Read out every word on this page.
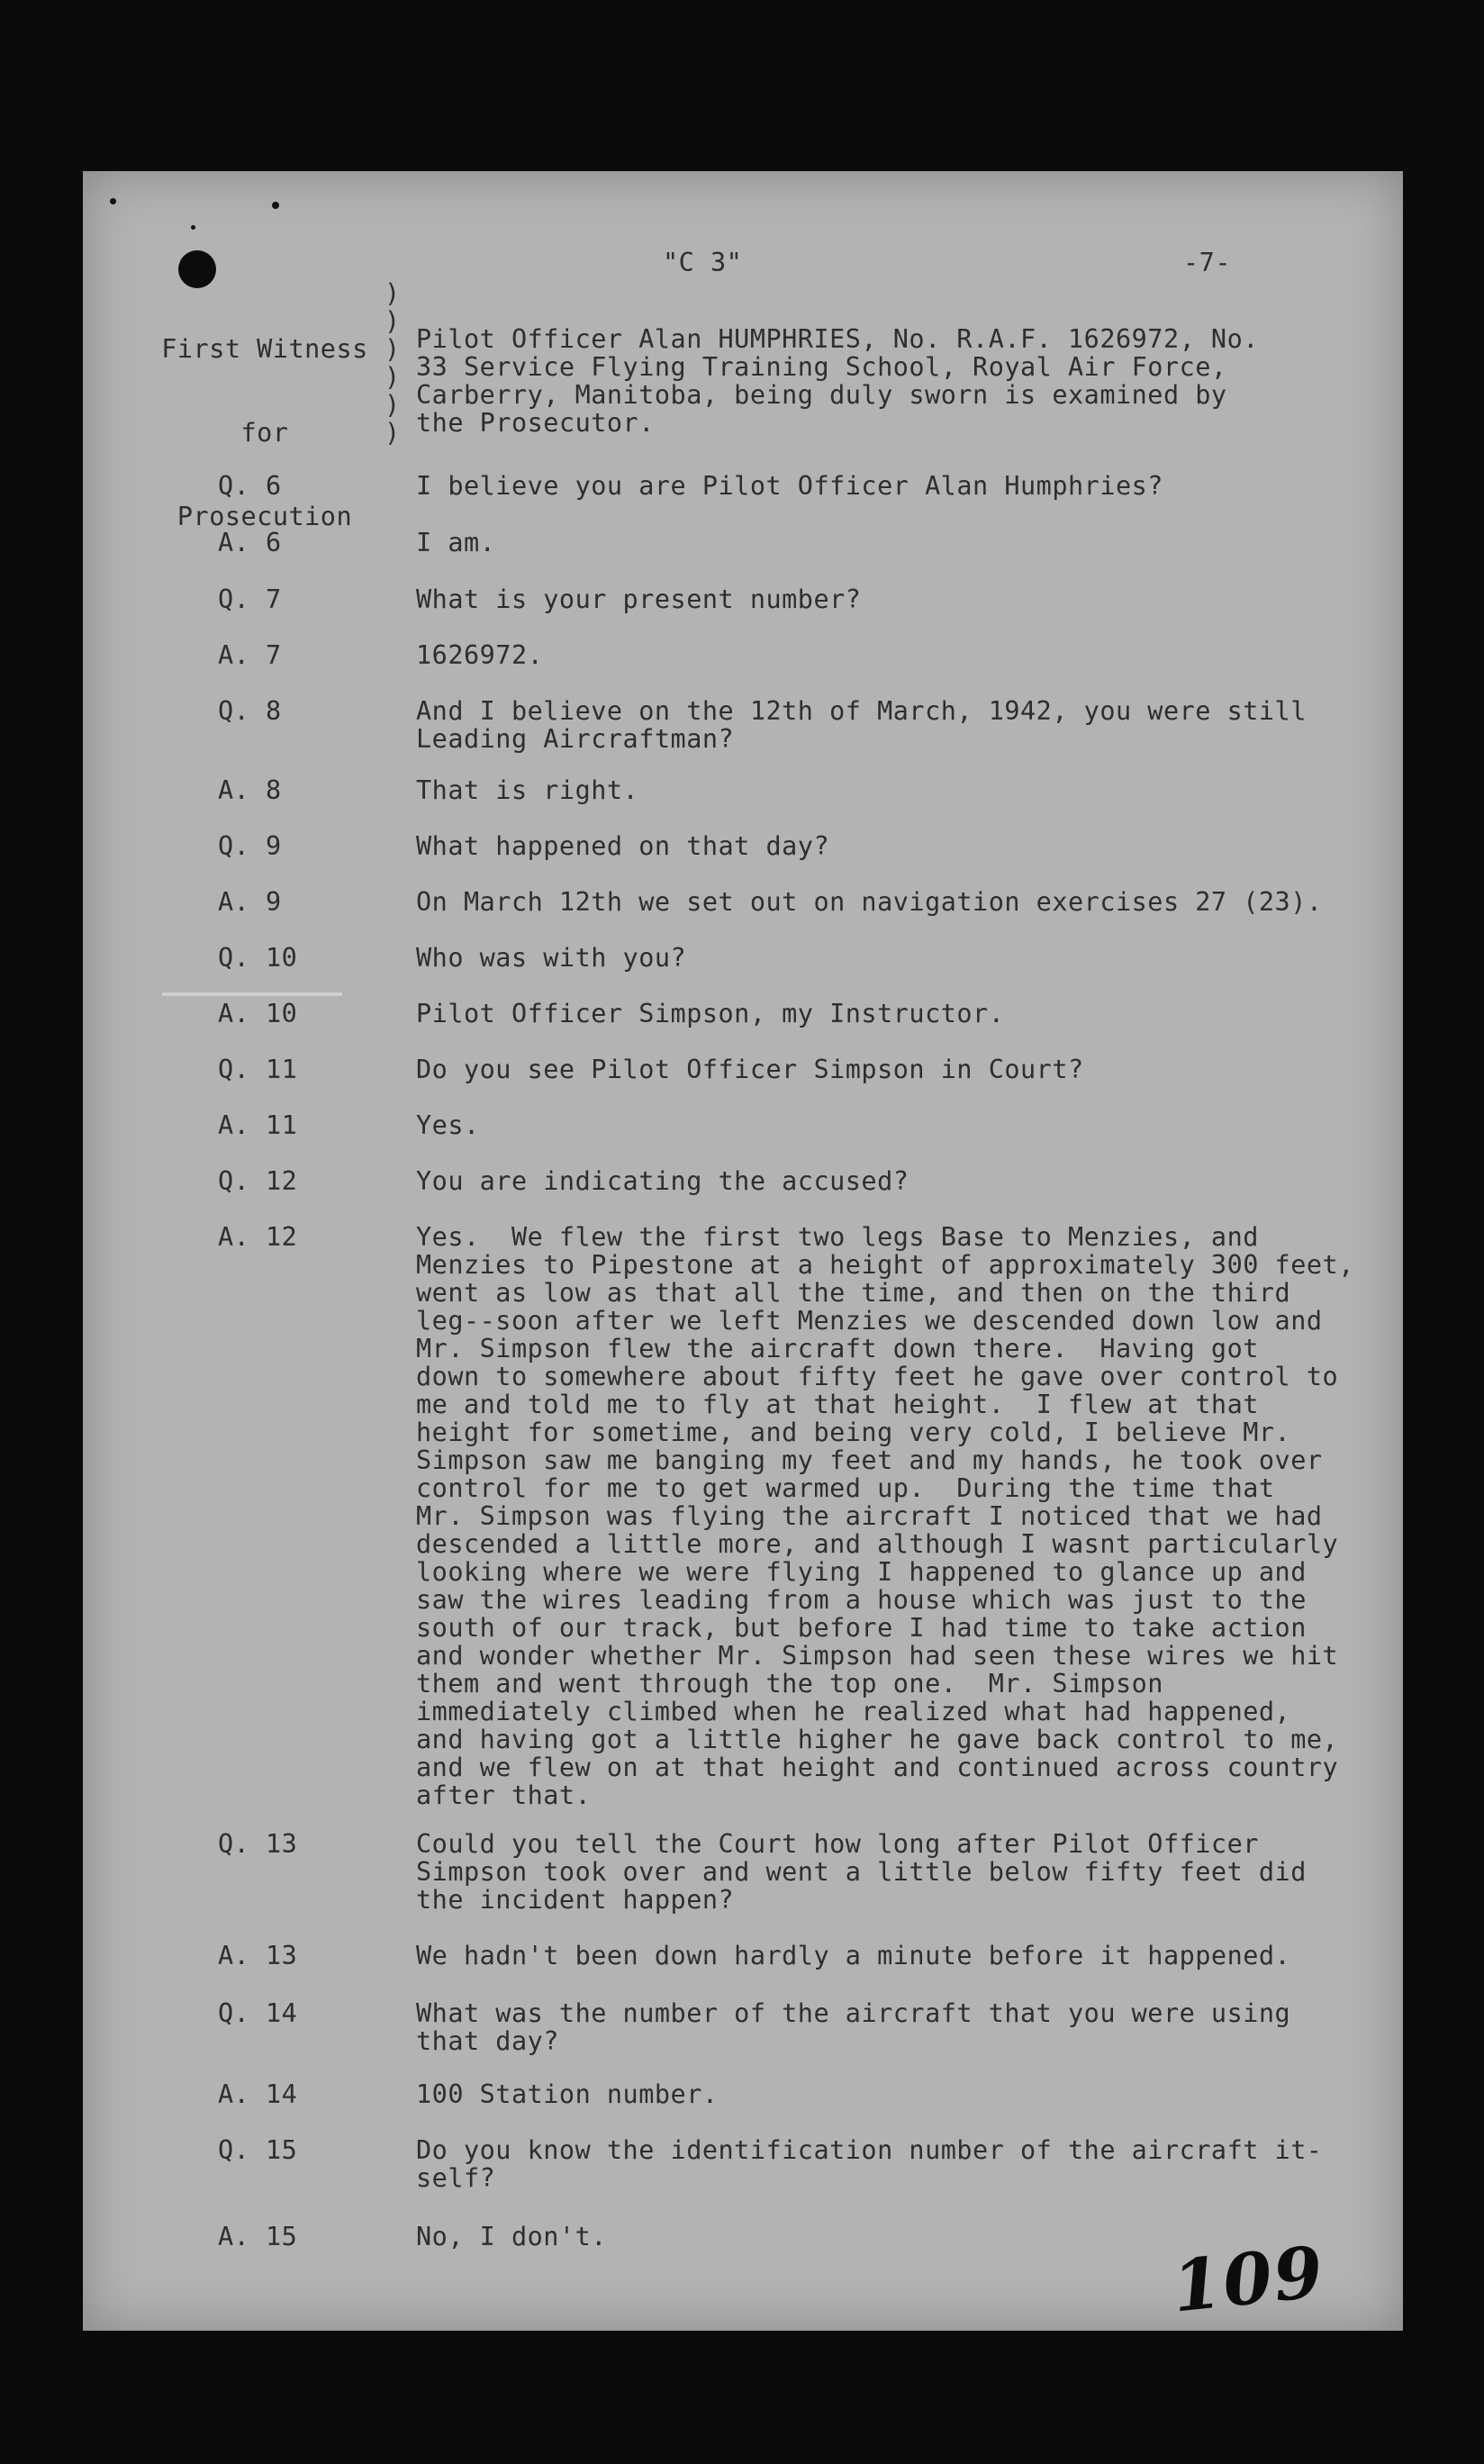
First Witness

for

Prosecution

"C 3"	-7-
)
)
)
)
)
)
Pilot Officer Alan HUMPHRIES, No. R.A.F. 1626972, No.
33 Service Flying Training School, Royal Air Force,
Carberry, Manitoba, being duly sworn is examined by
the Prosecutor.
Q. 6	I believe you are Pilot Officer Alan Humphries?
A. 6	I am.
Q. 7	What is your present number?
A. 7	1626972.
Q. 8	And I believe on the 12th of March, 1942, you were still
Leading Aircraftman?
A. 8	That is right.
Q. 9	What happened on that day?
A. 9	On March 12th we set out on navigation exercises 27 (23).
Q. 10	Who was with you?
A. 10	Pilot Officer Simpson, my Instructor.
Q. 11	Do you see Pilot Officer Simpson in Court?
A. 11	Yes.
Q. 12	You are indicating the accused?
A. 12	Yes.  We flew the first two legs Base to Menzies, and
Menzies to Pipestone at a height of approximately 300 feet,
went as low as that all the time, and then on the third
leg--soon after we left Menzies we descended down low and
Mr. Simpson flew the aircraft down there.  Having got
down to somewhere about fifty feet he gave over control to
me and told me to fly at that height.  I flew at that
height for sometime, and being very cold, I believe Mr.
Simpson saw me banging my feet and my hands, he took over
control for me to get warmed up.  During the time that
Mr. Simpson was flying the aircraft I noticed that we had
descended a little more, and although I wasnt particularly
looking where we were flying I happened to glance up and
saw the wires leading from a house which was just to the
south of our track, but before I had time to take action
and wonder whether Mr. Simpson had seen these wires we hit
them and went through the top one.  Mr. Simpson
immediately climbed when he realized what had happened,
and having got a little higher he gave back control to me,
and we flew on at that height and continued across country
after that.
Q. 13	Could you tell the Court how long after Pilot Officer
Simpson took over and went a little below fifty feet did
the incident happen?
A. 13	We hadn't been down hardly a minute before it happened.
Q. 14	What was the number of the aircraft that you were using
that day?
A. 14	100 Station number.
Q. 15	Do you know the identification number of the aircraft it-
self?
A. 15	No, I don't.	109
